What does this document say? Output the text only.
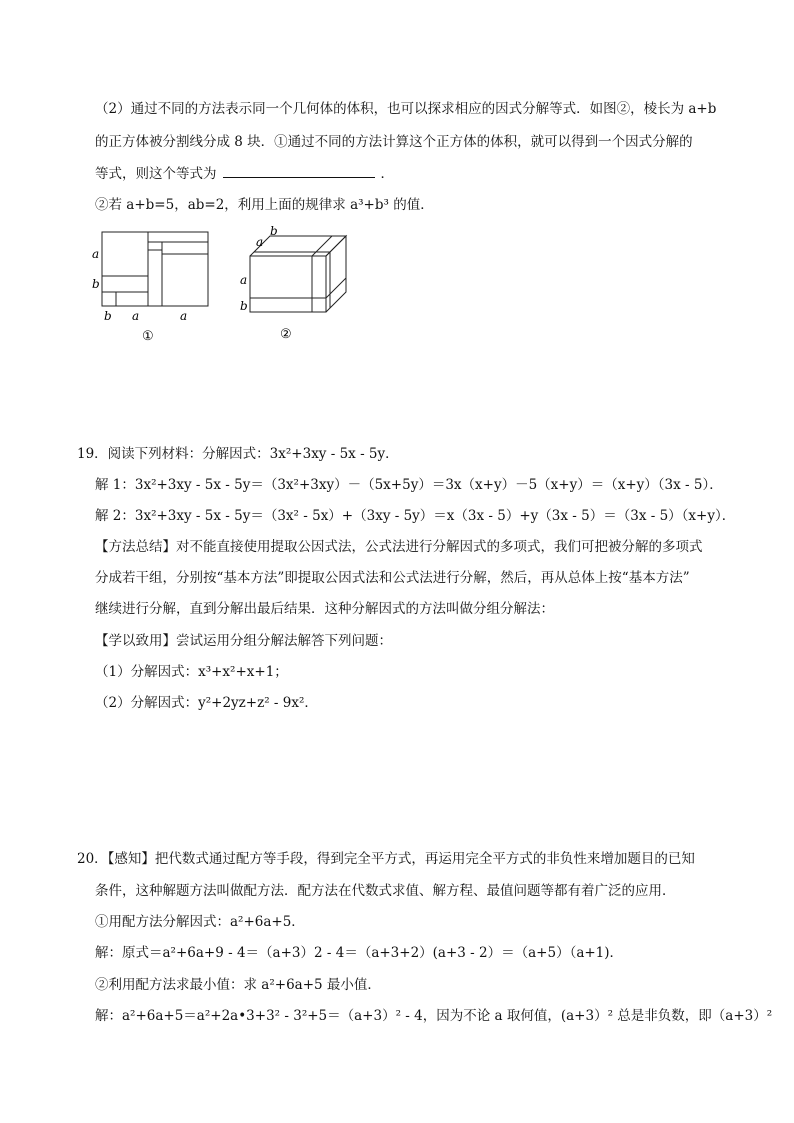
（2）通过不同的方法表示同一个几何体的体积，也可以探求相应的因式分解等式．如图②，棱长为 a+b
的正方体被分割线分成 8 块．①通过不同的方法计算这个正方体的体积，就可以得到一个因式分解的
等式，则这个等式为	．
②若 a+b=5，ab=2，利用上面的规律求 a³+b³ 的值．
a
b
b a	a
①
b
a
a
b
②
19．阅读下列材料：分解因式：3x²+3xy - 5x - 5y．
解 1：3x²+3xy - 5x - 5y＝（3x²+3xy）－（5x+5y）＝3x（x+y）－5（x+y）＝（x+y）（3x - 5）．
解 2：3x²+3xy - 5x - 5y＝（3x² - 5x）+（3xy - 5y）＝x（3x - 5）+y（3x - 5）＝（3x - 5）（x+y）．
【方法总结】对不能直接使用提取公因式法，公式法进行分解因式的多项式，我们可把被分解的多项式
分成若干组，分别按“基本方法”即提取公因式法和公式法进行分解，然后，再从总体上按“基本方法”
继续进行分解，直到分解出最后结果．这种分解因式的方法叫做分组分解法：
【学以致用】尝试运用分组分解法解答下列问题：
（1）分解因式：x³+x²+x+1；
（2）分解因式：y²+2yz+z² - 9x²．
20．【感知】把代数式通过配方等手段，得到完全平方式，再运用完全平方式的非负性来增加题目的已知
条件，这种解题方法叫做配方法．配方法在代数式求值、解方程、最值问题等都有着广泛的应用．
①用配方法分解因式：a²+6a+5．
解：原式＝a²+6a+9 - 4＝（a+3）2 - 4＝（a+3+2）(a+3 - 2）＝（a+5）（a+1)．
②利用配方法求最小值：求 a²+6a+5 最小值．
解：a²+6a+5＝a²+2a•3+3² - 3²+5＝（a+3）² - 4，因为不论 a 取何值，(a+3）² 总是非负数，即（a+3）²
